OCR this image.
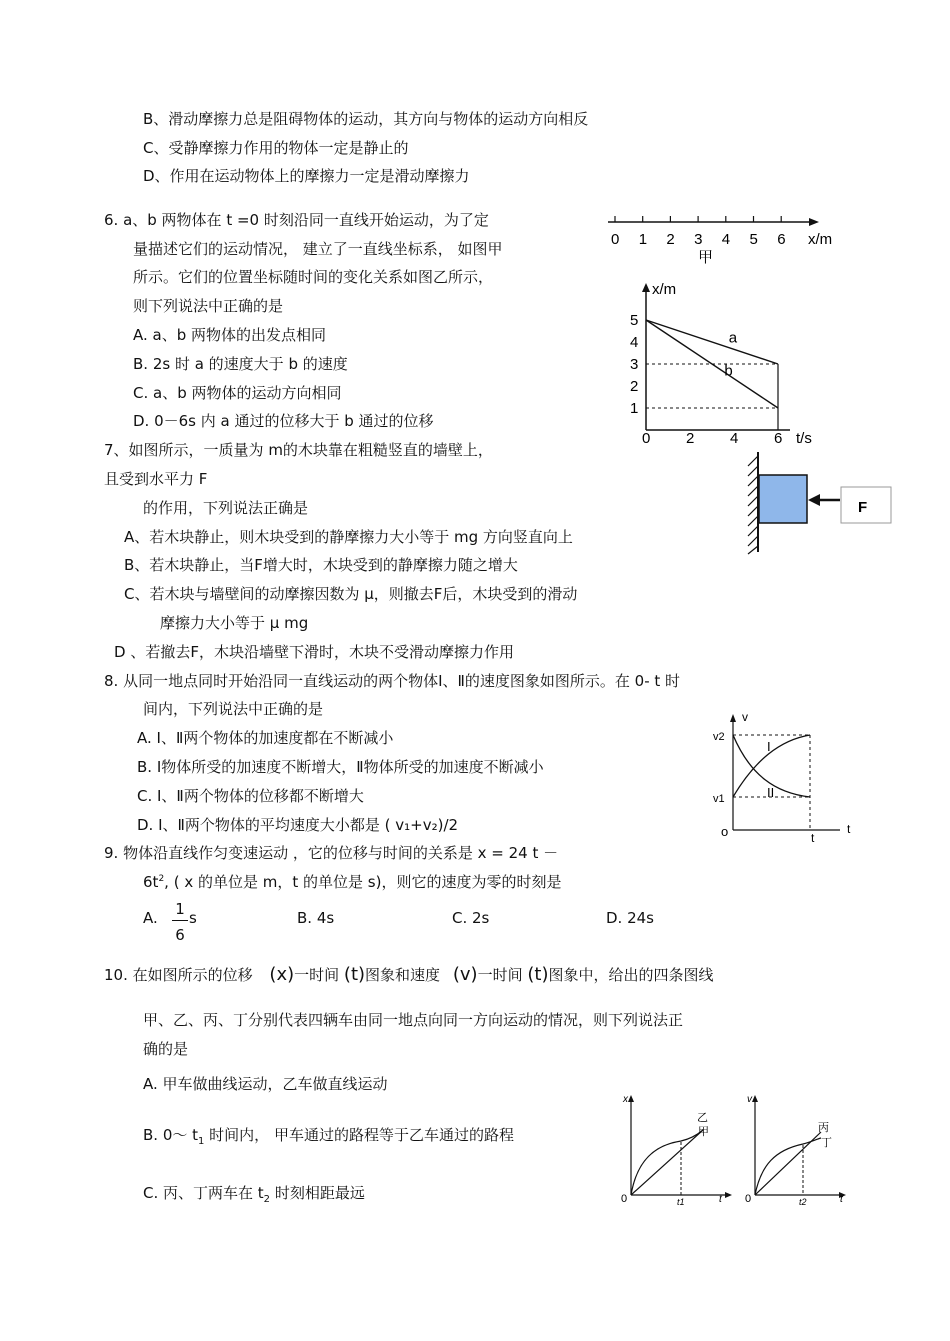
B、滑动摩擦力总是阻碍物体的运动，其方向与物体的运动方向相反
C、受静摩擦力作用的物体一定是静止的
D、作用在运动物体上的摩擦力一定是滑动摩擦力
6. a、b 两物体在 t =0 时刻沿同一直线开始运动，为了定
量描述它们的运动情况， 建立了一直线坐标系， 如图甲
所示。它们的位置坐标随时间的变化关系如图乙所示，
则下列说法中正确的是
A. a、b 两物体的出发点相同
B. 2s 时 a 的速度大于 b 的速度
C. a、b 两物体的运动方向相同
D. 0－6s 内 a 通过的位移大于 b 通过的位移
0 1 2 3 4 5 6 x/m
甲
x/m
t/s
0 2 4 6
1
2
3
4
5
a
b
7、如图所示，一质量为 m的木块靠在粗糙竖直的墙壁上，
且受到水平力 F
的作用，下列说法正确是
A、若木块静止，则木块受到的静摩擦力大小等于 mg 方向竖直向上
B、若木块静止，当F增大时，木块受到的静摩擦力随之增大
C、若木块与墙壁间的动摩擦因数为 μ，则撤去F后，木块受到的滑动
摩擦力大小等于 μ mg
D 、若撤去F，木块沿墙壁下滑时，木块不受滑动摩擦力作用
F
8. 从同一地点同时开始沿同一直线运动的两个物体Ⅰ、Ⅱ的速度图象如图所示。在 0- t 时
间内，下列说法中正确的是
A. Ⅰ、Ⅱ两个物体的加速度都在不断减小
B. Ⅰ物体所受的加速度不断增大，Ⅱ物体所受的加速度不断减小
C. Ⅰ、Ⅱ两个物体的位移都不断增大
D. Ⅰ、Ⅱ两个物体的平均速度大小都是 ( v₁+v₂)/2
v
v2
v1
o	t
t
I
II
9. 物体沿直线作匀变速运动 ，它的位移与时间的关系是 x = 24 t －
$6t^2$, ( x 的单位是 m，t 的单位是 s)，则它的速度为零的时刻是
A. 1
6
s	B. 4s	C. 2s	D. 24s
10. 在如图所示的位移 (x)一时间 (t)图象和速度 (v)一时间 (t)图象中，给出的四条图线
甲、乙、丙、丁分别代表四辆车由同一地点向同一方向运动的情况，则下列说法正
确的是
A. 甲车做曲线运动，乙车做直线运动
B. 0～ $t_1$ 时间内， 甲车通过的路程等于乙车通过的路程
C. 丙、丁两车在 $t_2$ 时刻相距最远
x
0	t1	t
甲
乙
v
0	t2	t
丙
丁
